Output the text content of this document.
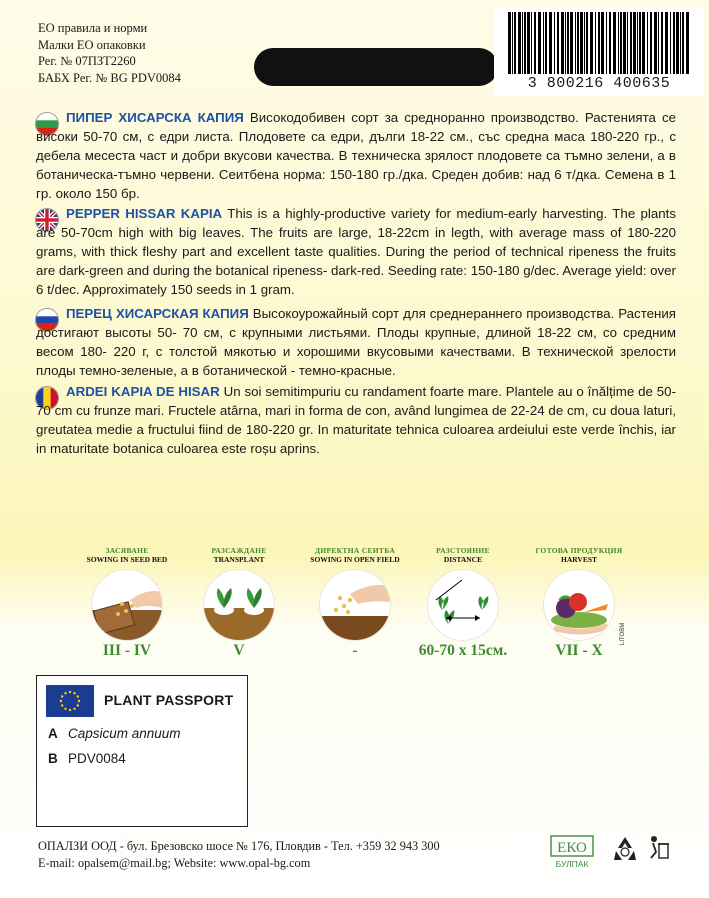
ЕО правила и норми
Малки ЕО опаковки
Рег. № 07ПЗТ2260
БАБХ Рег. № BG PDV0084	3 800216 400635
ПИПЕР ХИСАРСКА КАПИЯ Високодобивен сорт за средноранно производство. Растенията се високи 50-70 см, с едри листа. Плодовете са едри, дълги 18-22 см., със средна маса 180-220 гр., с дебела месеста част и добри вкусови качества. В техническа зрялост плодовете са тъмно зелени, а в ботаническа-тъмно червени. Сеитбена норма: 150-180 гр./дка. Среден добив: над 6 т/дка. Семена в 1 гр. около 150 бр.
PEPPER HISSAR KAPIA This is a highly-productive variety for medium-early harvesting. The plants are 50-70cm high with big leaves. The fruits are large, 18-22cm in legth, with average mass of 180-220 grams, with thick fleshy part and excellent taste qualities. During the period of technical ripeness the fruits are dark-green and during the botanical ripeness- dark-red. Seeding rate: 150-180 g/dec. Average yield: over 6 t/dec. Approximately 150 seeds in 1 gram.
ПЕРЕЦ ХИСАРСКАЯ КАПИЯ Высокоурожайный сорт для среднераннего производства. Растения достигают высоты 50- 70 см, с крупными листьями. Плоды крупные, длиной 18-22 см, со средним весом 180- 220 г, с толстой мякотью и хорошими вкусовыми качествами. В технической зрелости плоды темно-зеленые, а в ботанической - темно-красные.
ARDEI KAPIA DE HISAR Un soi semitimpuriu cu randament foarte mare. Plantele au o înălțime de 50-70 cm cu frunze mari. Fructele atârna, mari in forma de con, având lungimea de 22-24 de cm, cu doua laturi, greutatea medie a fructului fiind de 180-220 gr. In maturitate tehnica culoarea ardeiului este verde închis, iar in maturitate botanica culoarea este roșu aprins.
ЗАСЯВАНЕ
SOWING IN SEED BED
III - IV
РАЗСАЖДАНЕ
TRANSPLANT
V
ДИРЕКТНА СЕИТБА
SOWING IN OPEN FIELD
-
РАЗСТОЯНИЕ
DISTANCE
60-70 x 15см.
ГОТОВА ПРОДУКЦИЯ
HARVEST
VII - X
LITOBM
PLANT PASSPORT
A Capsicum annuum
B PDV0084
ОПАЛЗИ ООД - бул. Брезовско шосе № 176, Пловдив - Тел. +359 32 943 300
E-mail: opalsem@mail.bg; Website: www.opal-bg.com
ЕКО
БУЛПАК
